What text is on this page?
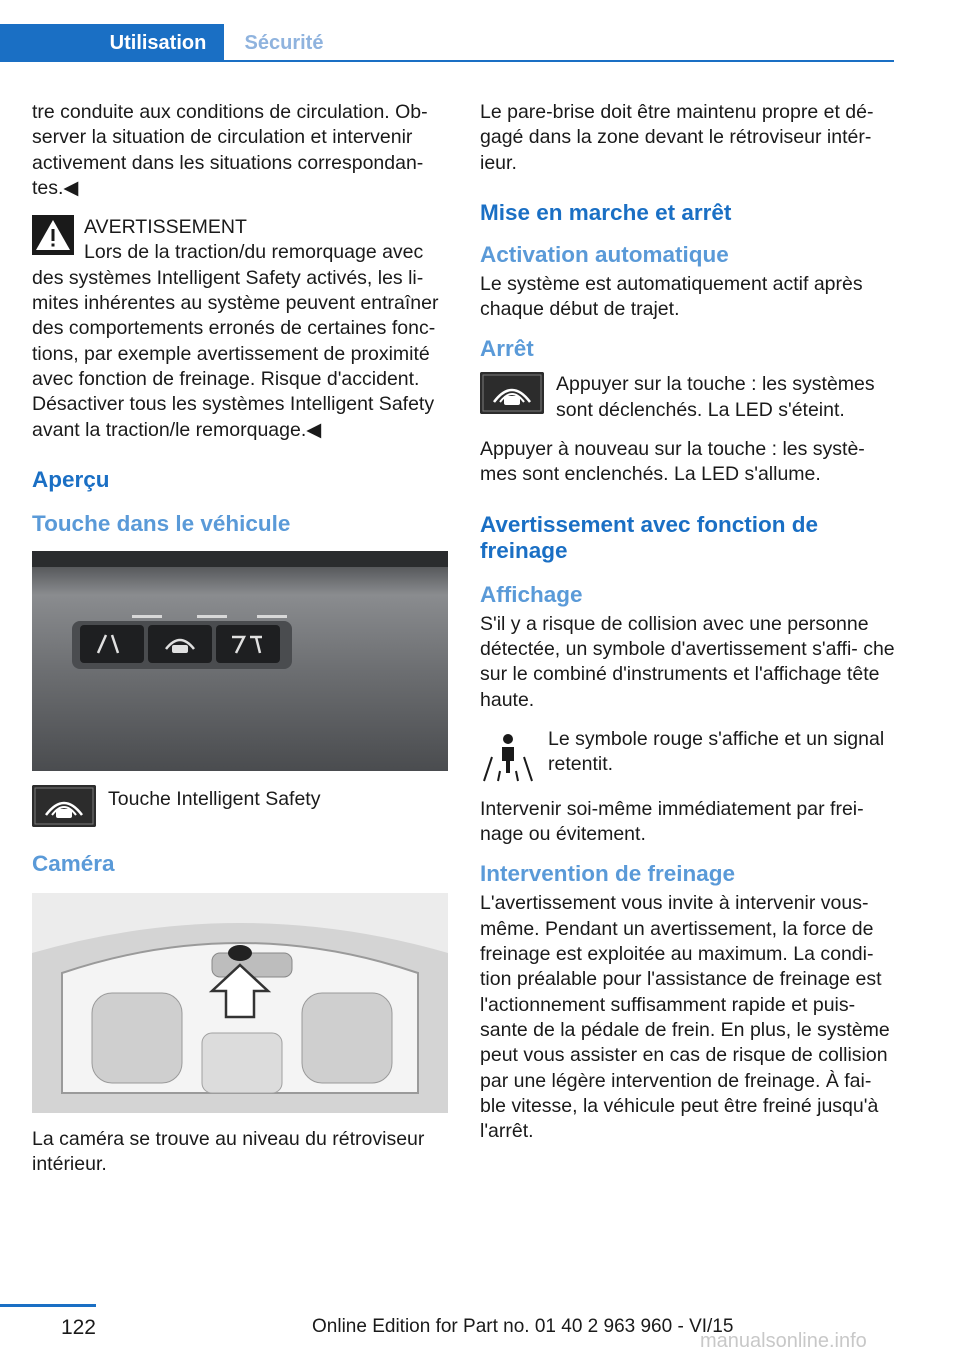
Utilisation	Sécurité

tre conduite aux conditions de circulation. Ob‐ server la situation de circulation et intervenir activement dans les situations correspondan‐ tes.◀

AVERTISSEMENT
Lors de la traction/du remorquage avec des systèmes Intelligent Safety activés, les li‐ mites inhérentes au système peuvent entraîner des comportements erronés de certaines fonc‐ tions, par exemple avertissement de proximité avec fonction de freinage. Risque d'accident. Désactiver tous les systèmes Intelligent Safety avant la traction/le remorquage.◀
Aperçu
Touche dans le véhicule
Touche Intelligent Safety
Caméra

La caméra se trouve au niveau du rétroviseur intérieur.

Le pare-brise doit être maintenu propre et dé‐ gagé dans la zone devant le rétroviseur intér‐ ieur.

Mise en marche et arrêt
Activation automatique

Le système est automatiquement actif après chaque début de trajet.

Arrêt
Appuyer sur la touche : les systèmes sont déclenchés. La LED s'éteint.

Appuyer à nouveau sur la touche : les systè‐ mes sont enclenchés. La LED s'allume.

Avertissement avec fonction de freinage
Affichage

S'il y a risque de collision avec une personne détectée, un symbole d'avertissement s'affi‐ che sur le combiné d'instruments et l'affichage tête haute.

Le symbole rouge s'affiche et un signal retentit.

Intervenir soi-même immédiatement par frei‐ nage ou évitement.

Intervention de freinage

L'avertissement vous invite à intervenir vous- même. Pendant un avertissement, la force de freinage est exploitée au maximum. La condi‐ tion préalable pour l'assistance de freinage est l'actionnement suffisamment rapide et puis‐ sante de la pédale de frein. En plus, le système peut vous assister en cas de risque de collision par une légère intervention de freinage. À fai‐ ble vitesse, la véhicule peut être freiné jusqu'à l'arrêt.

122	Online Edition for Part no. 01 40 2 963 960 - VI/15
manualsonline.info
